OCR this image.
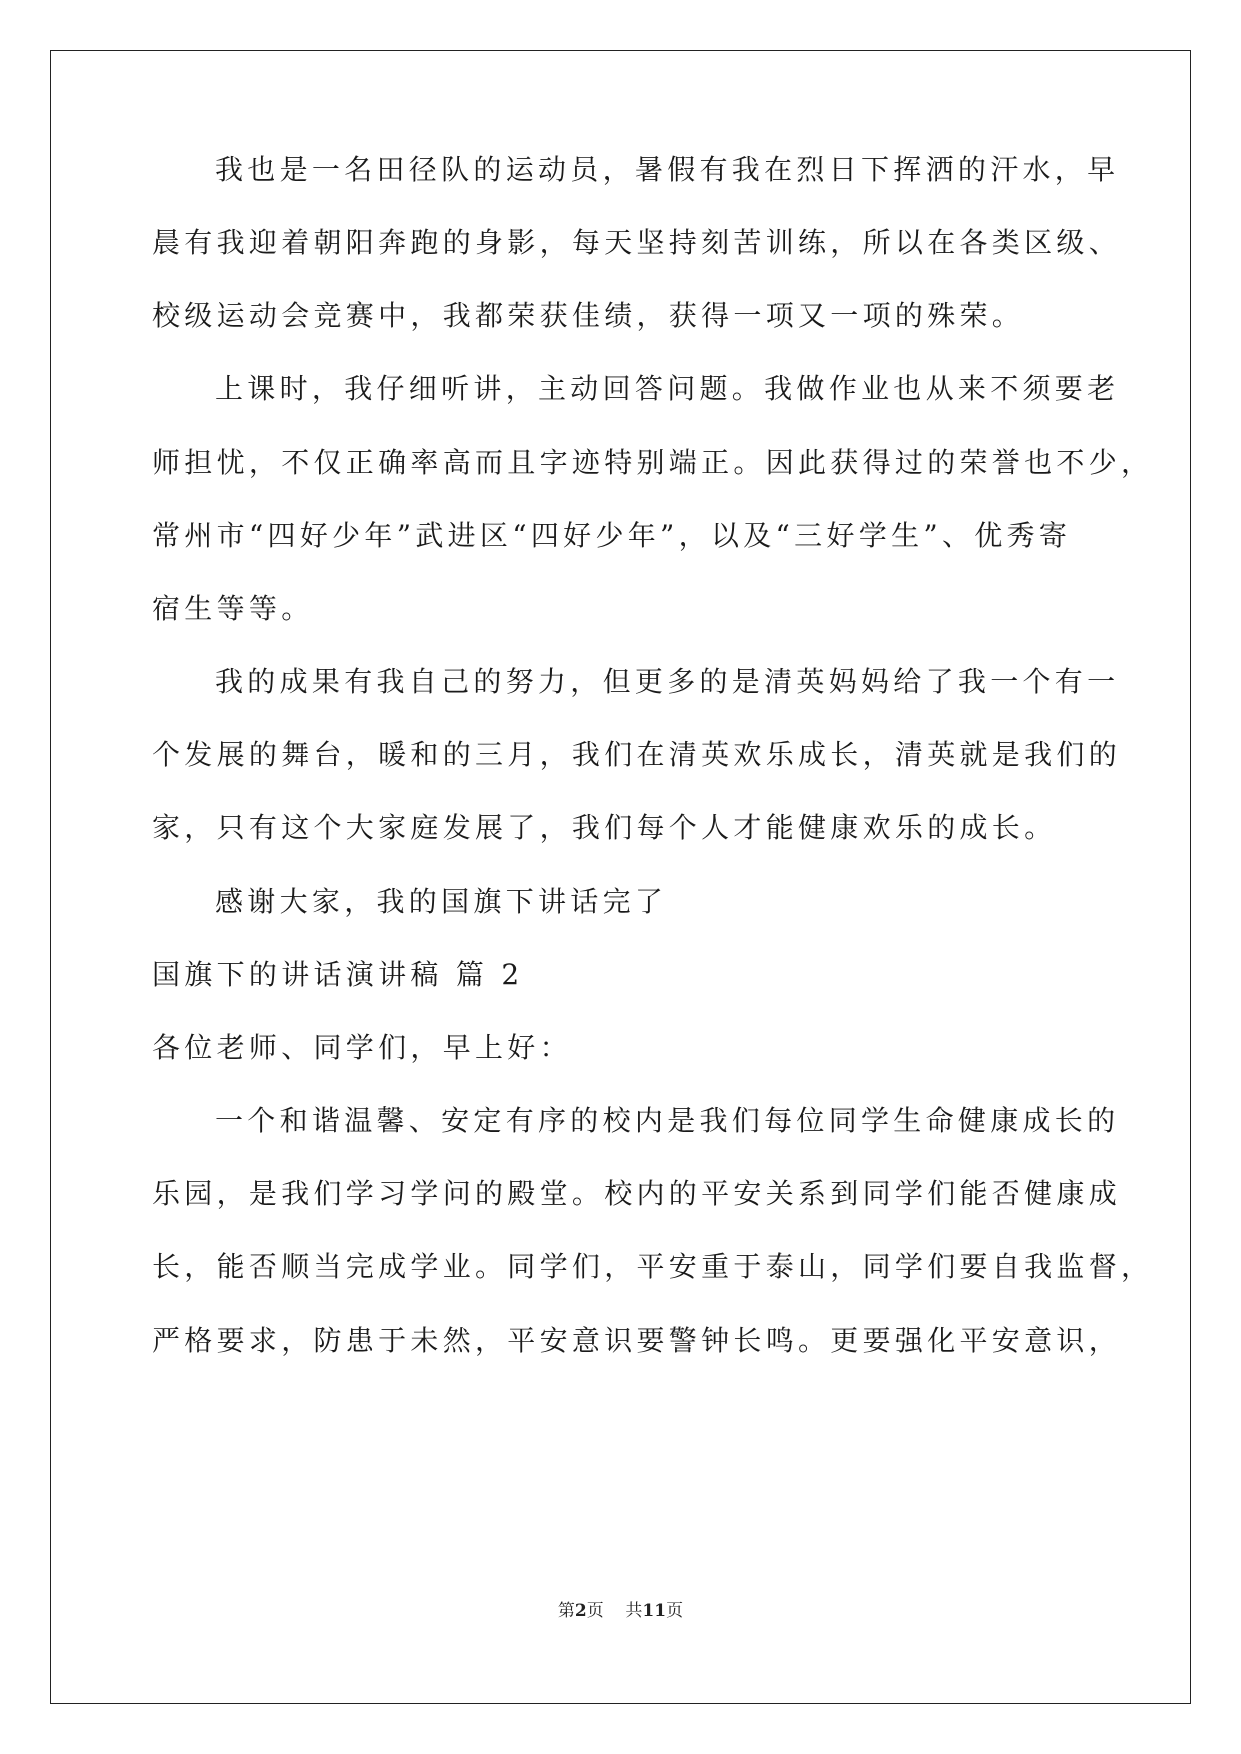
我也是一名田径队的运动员，暑假有我在烈日下挥洒的汗水，早
晨有我迎着朝阳奔跑的身影，每天坚持刻苦训练，所以在各类区级、
校级运动会竞赛中，我都荣获佳绩，获得一项又一项的殊荣。
上课时，我仔细听讲，主动回答问题。我做作业也从来不须要老
师担忧，不仅正确率高而且字迹特别端正。因此获得过的荣誉也不少，
常州市“四好少年”武进区“四好少年”，以及“三好学生”、优秀寄
宿生等等。
我的成果有我自己的努力，但更多的是清英妈妈给了我一个有一
个发展的舞台，暖和的三月，我们在清英欢乐成长，清英就是我们的
家，只有这个大家庭发展了，我们每个人才能健康欢乐的成长。
感谢大家，我的国旗下讲话完了
国旗下的讲话演讲稿 篇 2
各位老师、同学们，早上好：
一个和谐温馨、安定有序的校内是我们每位同学生命健康成长的
乐园，是我们学习学问的殿堂。校内的平安关系到同学们能否健康成
长，能否顺当完成学业。同学们，平安重于泰山，同学们要自我监督，
严格要求，防患于未然，平安意识要警钟长鸣。更要强化平安意识，
第2页 共11页
